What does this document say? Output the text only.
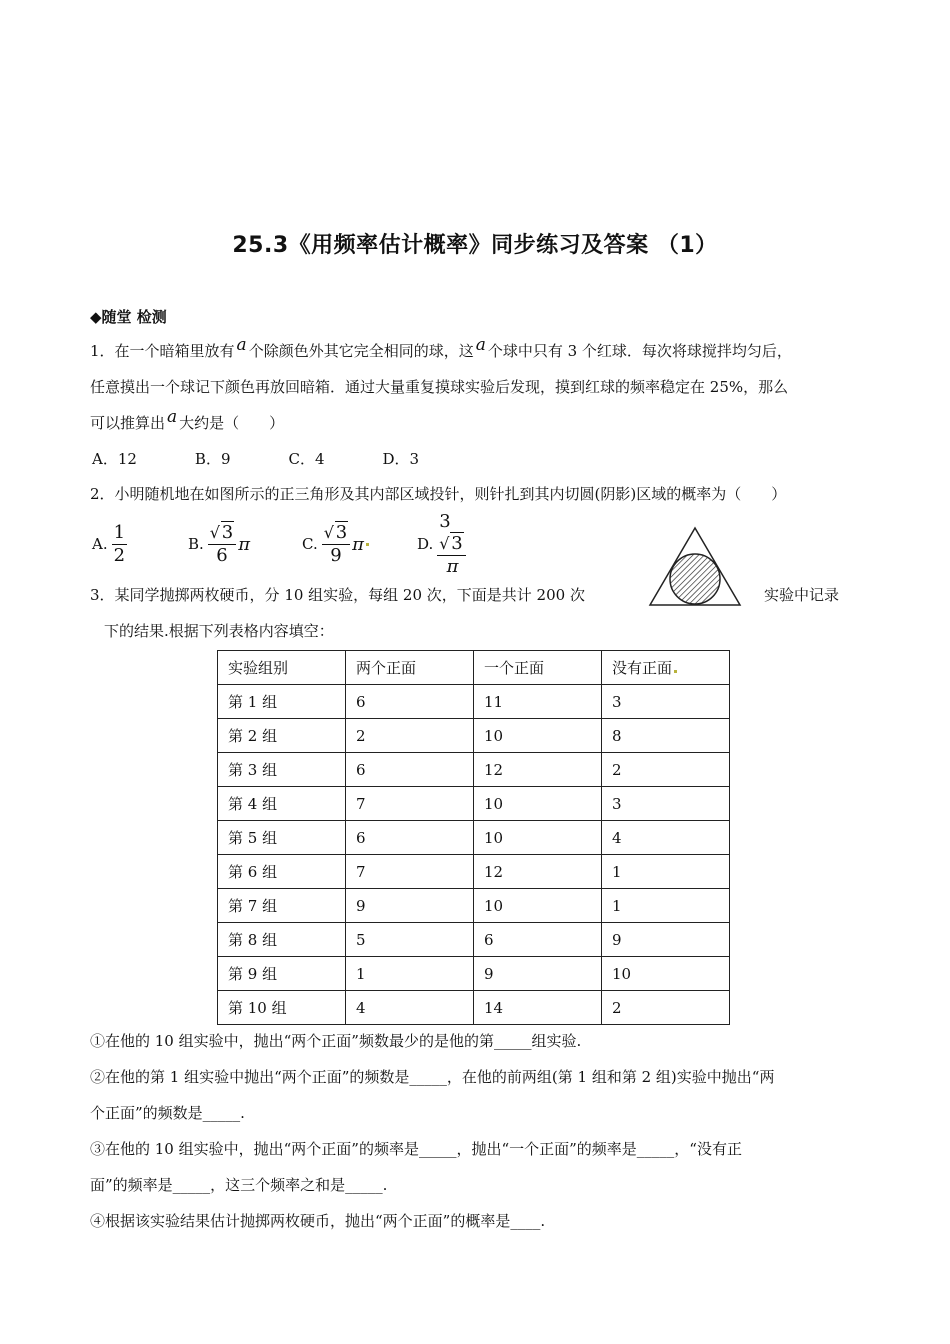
25.3《用频率估计概率》同步练习及答案 （1）
◆随堂 检测
1．在一个暗箱里放有 a 个除颜色外其它完全相同的球，这 a 个球中只有 3 个红球．每次将球搅拌均匀后，
任意摸出一个球记下颜色再放回暗箱．通过大量重复摸球实验后发现，摸到红球的频率稳定在 25%，那么
可以推算出 a 大约是（　　）
A．12	B．9	C．4	D．3
2．小明随机地在如图所示的正三角形及其内部区域投针，则针扎到其内切圆(阴影)区域的概率为（　　）
A. $\frac{1}{2}$	B. $\frac{√ 3}{6}$ π	C. $\frac{√ 3}{9}$ π	D. 3
√ 3
π
3．某同学抛掷两枚硬币，分 10 组实验，每组 20 次，下面是共计 200 次	实验中记录
下的结果.根据下列表格内容填空：
实验组别	两个正面	一个正面	没有正面
第 1 组	6	11	3
第 2 组	2	10	8
第 3 组	6	12	2
第 4 组	7	10	3
第 5 组	6	10	4
第 6 组	7	12	1
第 7 组	9	10	1
第 8 组	5	6	9
第 9 组	1	9	10
第 10 组	4	14	2
①在他的 10 组实验中，抛出“两个正面”频数最少的是他的第_____组实验.
②在他的第 1 组实验中抛出“两个正面”的频数是_____，在他的前两组(第 1 组和第 2 组)实验中抛出“两
个正面”的频数是_____.
③在他的 10 组实验中，抛出“两个正面”的频率是_____，抛出“一个正面”的频率是_____，“没有正
面”的频率是_____，这三个频率之和是_____.
④根据该实验结果估计抛掷两枚硬币，抛出“两个正面”的概率是____.
